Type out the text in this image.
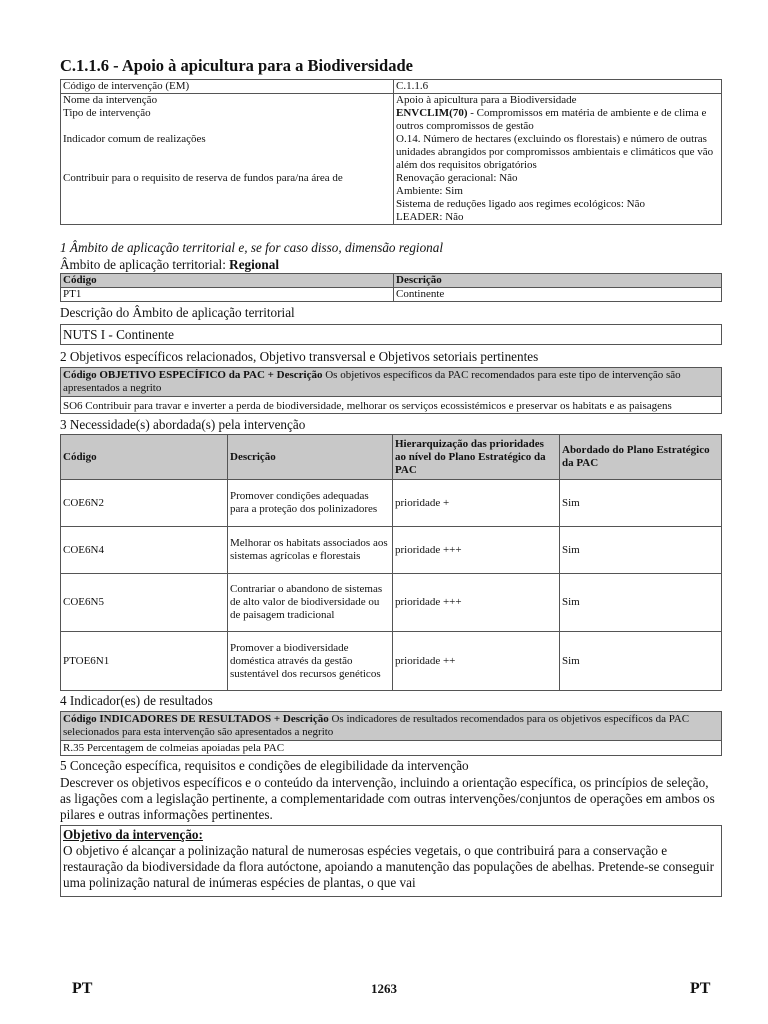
C.1.1.6 - Apoio à apicultura para a Biodiversidade
Código de intervenção (EM)	C.1.1.6
Nome da intervenção	Apoio à apicultura para a Biodiversidade
Tipo de intervenção	ENVCLIM(70) - Compromissos em matéria de ambiente e de clima e outros compromissos de gestão
Indicador comum de realizações	O.14. Número de hectares (excluindo os florestais) e número de outras unidades abrangidos por compromissos ambientais e climáticos que vão além dos requisitos obrigatórios
Contribuir para o requisito de reserva de fundos para/na área de	Renovação geracional: Não
Ambiente: Sim
Sistema de reduções ligado aos regimes ecológicos: Não
LEADER: Não
1 Âmbito de aplicação territorial e, se for caso disso, dimensão regional
Âmbito de aplicação territorial: Regional
Código	Descrição
PT1	Continente
Descrição do Âmbito de aplicação territorial
NUTS I - Continente
2 Objetivos específicos relacionados, Objetivo transversal e Objetivos setoriais pertinentes
Código OBJETIVO ESPECÍFICO da PAC + Descrição Os objetivos específicos da PAC recomendados para este tipo de intervenção são apresentados a negrito
SO6 Contribuir para travar e inverter a perda de biodiversidade, melhorar os serviços ecossistémicos e preservar os habitats e as paisagens
3 Necessidade(s) abordada(s) pela intervenção
Código	Descrição	Hierarquização das prioridades ao nível do Plano Estratégico da PAC	Abordado do Plano Estratégico da PAC
COE6N2	Promover condições adequadas para a proteção dos polinizadores	prioridade +	Sim
COE6N4	Melhorar os habitats associados aos sistemas agrícolas e florestais	prioridade +++	Sim
COE6N5	Contrariar o abandono de sistemas de alto valor de biodiversidade ou de paisagem tradicional	prioridade +++	Sim
PTOE6N1	Promover a biodiversidade doméstica através da gestão sustentável dos recursos genéticos	prioridade ++	Sim
4 Indicador(es) de resultados
Código INDICADORES DE RESULTADOS + Descrição Os indicadores de resultados recomendados para os objetivos específicos da PAC selecionados para esta intervenção são apresentados a negrito
R.35 Percentagem de colmeias apoiadas pela PAC
5 Conceção específica, requisitos e condições de elegibilidade da intervenção
Descrever os objetivos específicos e o conteúdo da intervenção, incluindo a orientação específica, os princípios de seleção, as ligações com a legislação pertinente, a complementaridade com outras intervenções/conjuntos de operações em ambos os pilares e outras informações pertinentes.
Objetivo da intervenção:
O objetivo é alcançar a polinização natural de numerosas espécies vegetais, o que contribuirá para a conservação e restauração da biodiversidade da flora autóctone, apoiando a manutenção das populações de abelhas. Pretende-se conseguir uma polinização natural de inúmeras espécies de plantas, o que vai
PT	1263	PT
